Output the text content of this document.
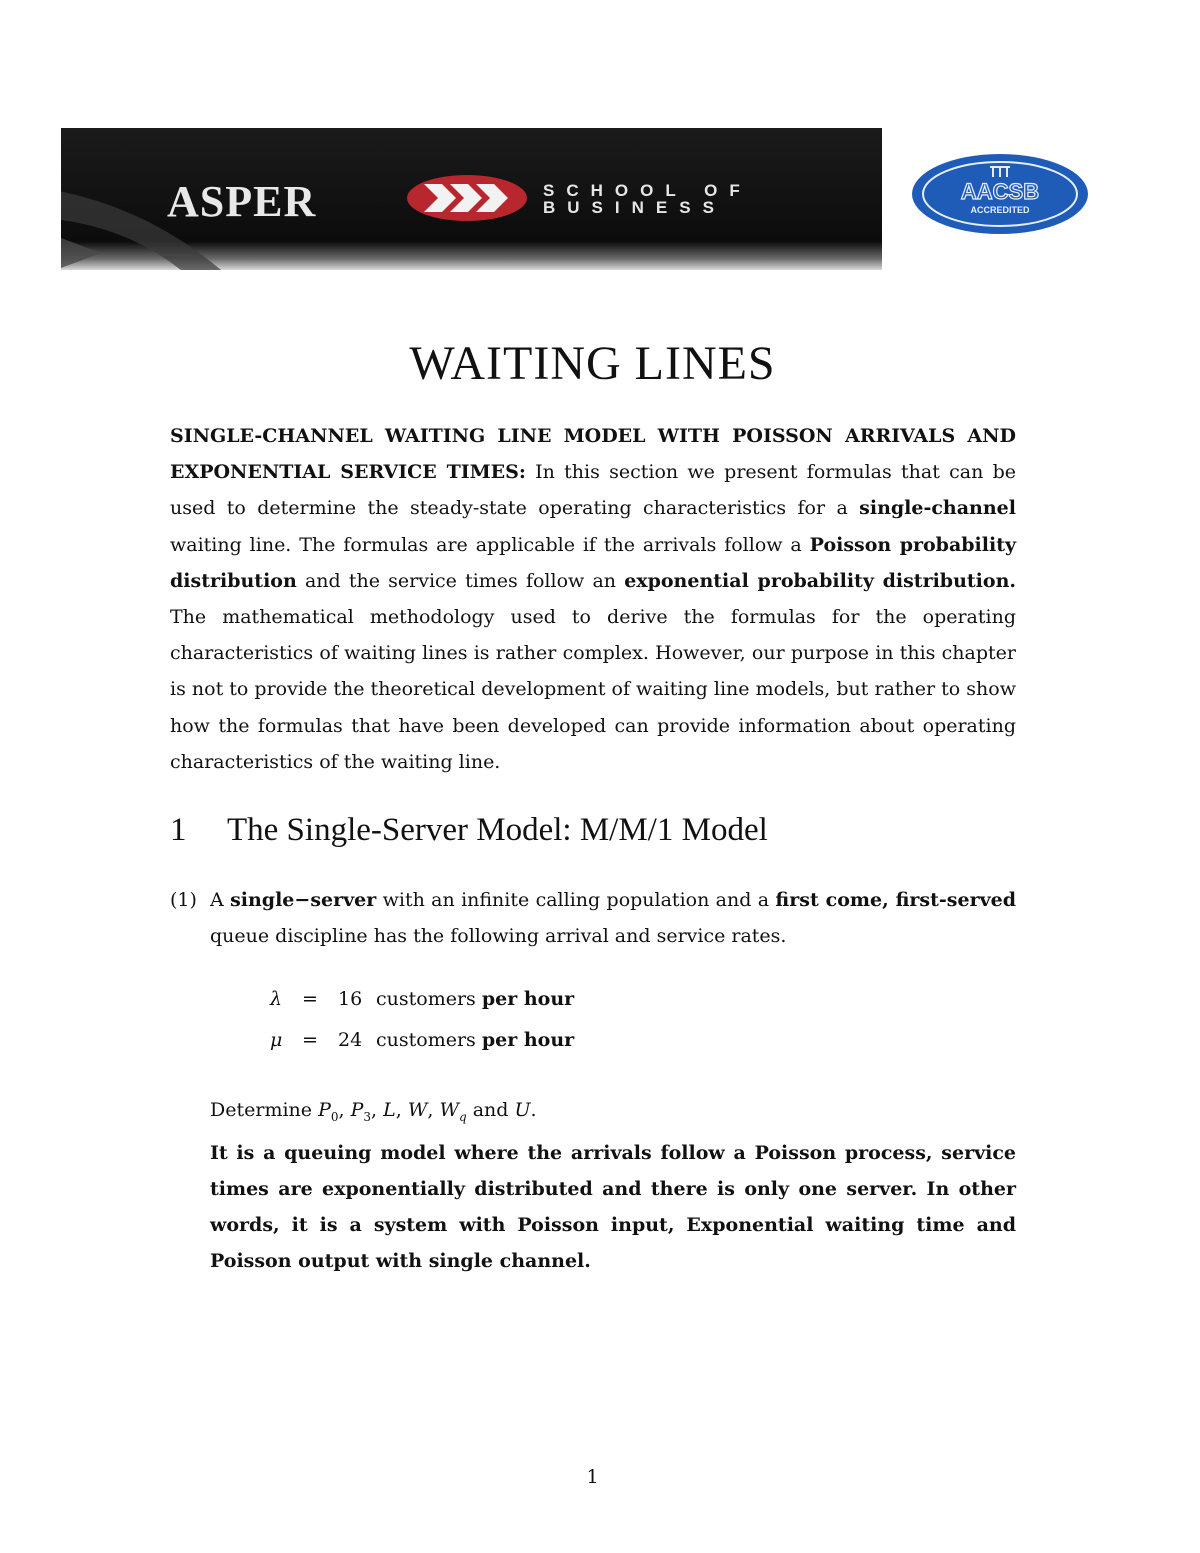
ASPER	SCHOOL OF
BUSINESS
AACSB
ACCREDITED
WAITING LINES

SINGLE-CHANNEL WAITING LINE MODEL WITH POISSON ARRIVALS AND EXPONENTIAL SERVICE TIMES: In this section we present formulas that can be used to determine the steady-state operating characteristics for a single-channel waiting line. The formulas are applicable if the arrivals follow a Poisson probability distribution and the service times follow an exponential probability distribution. The mathematical methodology used to derive the formulas for the operating characteristics of waiting lines is rather complex. However, our purpose in this chapter is not to provide the theoretical development of waiting line models, but rather to show how the formulas that have been developed can provide information about operating characteristics of the waiting line.

1 The Single-Server Model: M/M/1 Model
(1) A single−server with an infinite calling population and a first come, first-served queue discipline has the following arrival and service rates.
λ = 16 customers per hour
μ = 24 customers per hour
Determine $P_0$, $P_3$, L, W, $W_q$ and U.

It is a queuing model where the arrivals follow a Poisson process, service times are exponentially distributed and there is only one server. In other words, it is a system with Poisson input, Exponential waiting time and Poisson output with single channel.

1
